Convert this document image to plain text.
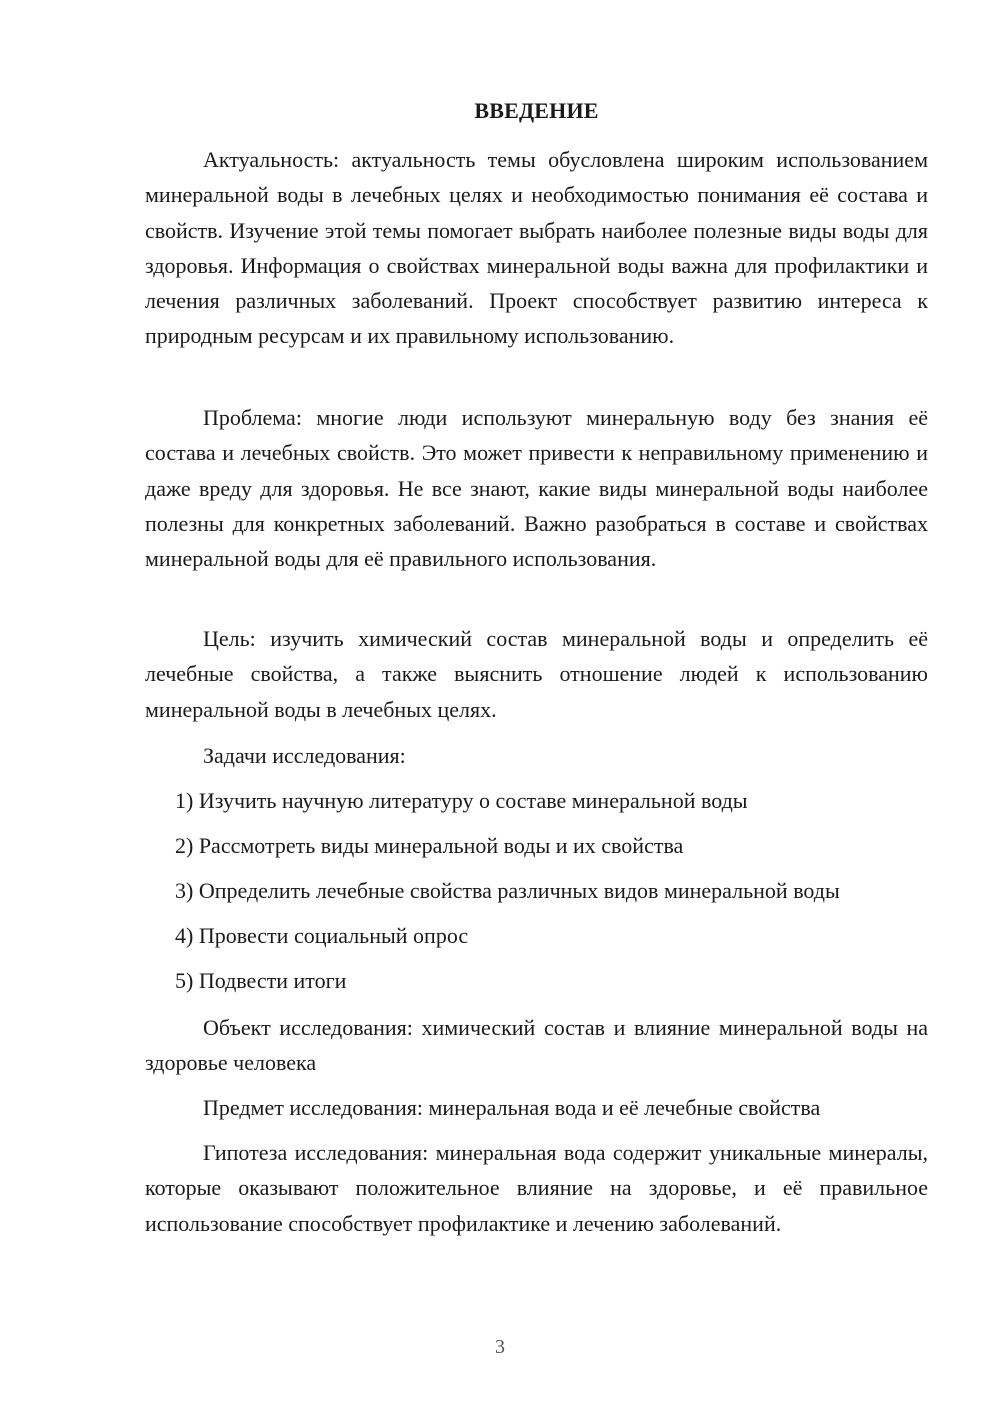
ВВЕДЕНИЕ

Актуальность: актуальность темы обусловлена широким использованием минеральной воды в лечебных целях и необходимостью понимания её состава и свойств. Изучение этой темы помогает выбрать наиболее полезные виды воды для здоровья. Информация о свойствах минеральной воды важна для профилактики и лечения различных заболеваний. Проект способствует развитию интереса к природным ресурсам и их правильному использованию.

Проблема: многие люди используют минеральную воду без знания её состава и лечебных свойств. Это может привести к неправильному применению и даже вреду для здоровья. Не все знают, какие виды минеральной воды наиболее полезны для конкретных заболеваний. Важно разобраться в составе и свойствах минеральной воды для её правильного использования.

Цель: изучить химический состав минеральной воды и определить её лечебные свойства, а также выяснить отношение людей к использованию минеральной воды в лечебных целях.

Задачи исследования:

1) Изучить научную литературу о составе минеральной воды

2) Рассмотреть виды минеральной воды и их свойства

3) Определить лечебные свойства различных видов минеральной воды

4) Провести социальный опрос

5) Подвести итоги

Объект исследования: химический состав и влияние минеральной воды на здоровье человека

Предмет исследования: минеральная вода и её лечебные свойства

Гипотеза исследования: минеральная вода содержит уникальные минералы, которые оказывают положительное влияние на здоровье, и её правильное использование способствует профилактике и лечению заболеваний.

3
